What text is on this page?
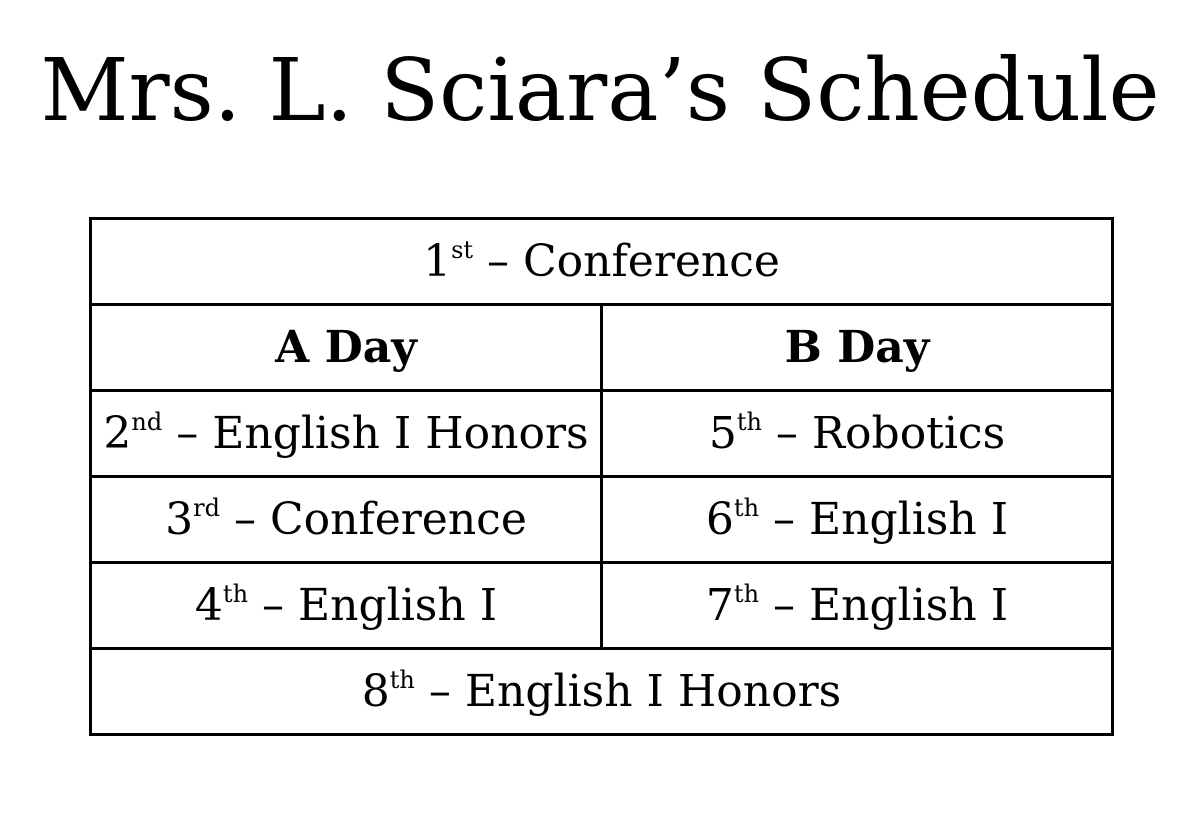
Mrs. L. Sciara’s Schedule
1st – Conference	
A Day	B Day
2nd – English I Honors	5th – Robotics
3rd – Conference	6th – English I
4th – English I	7th – English I
8th – English I Honors	
